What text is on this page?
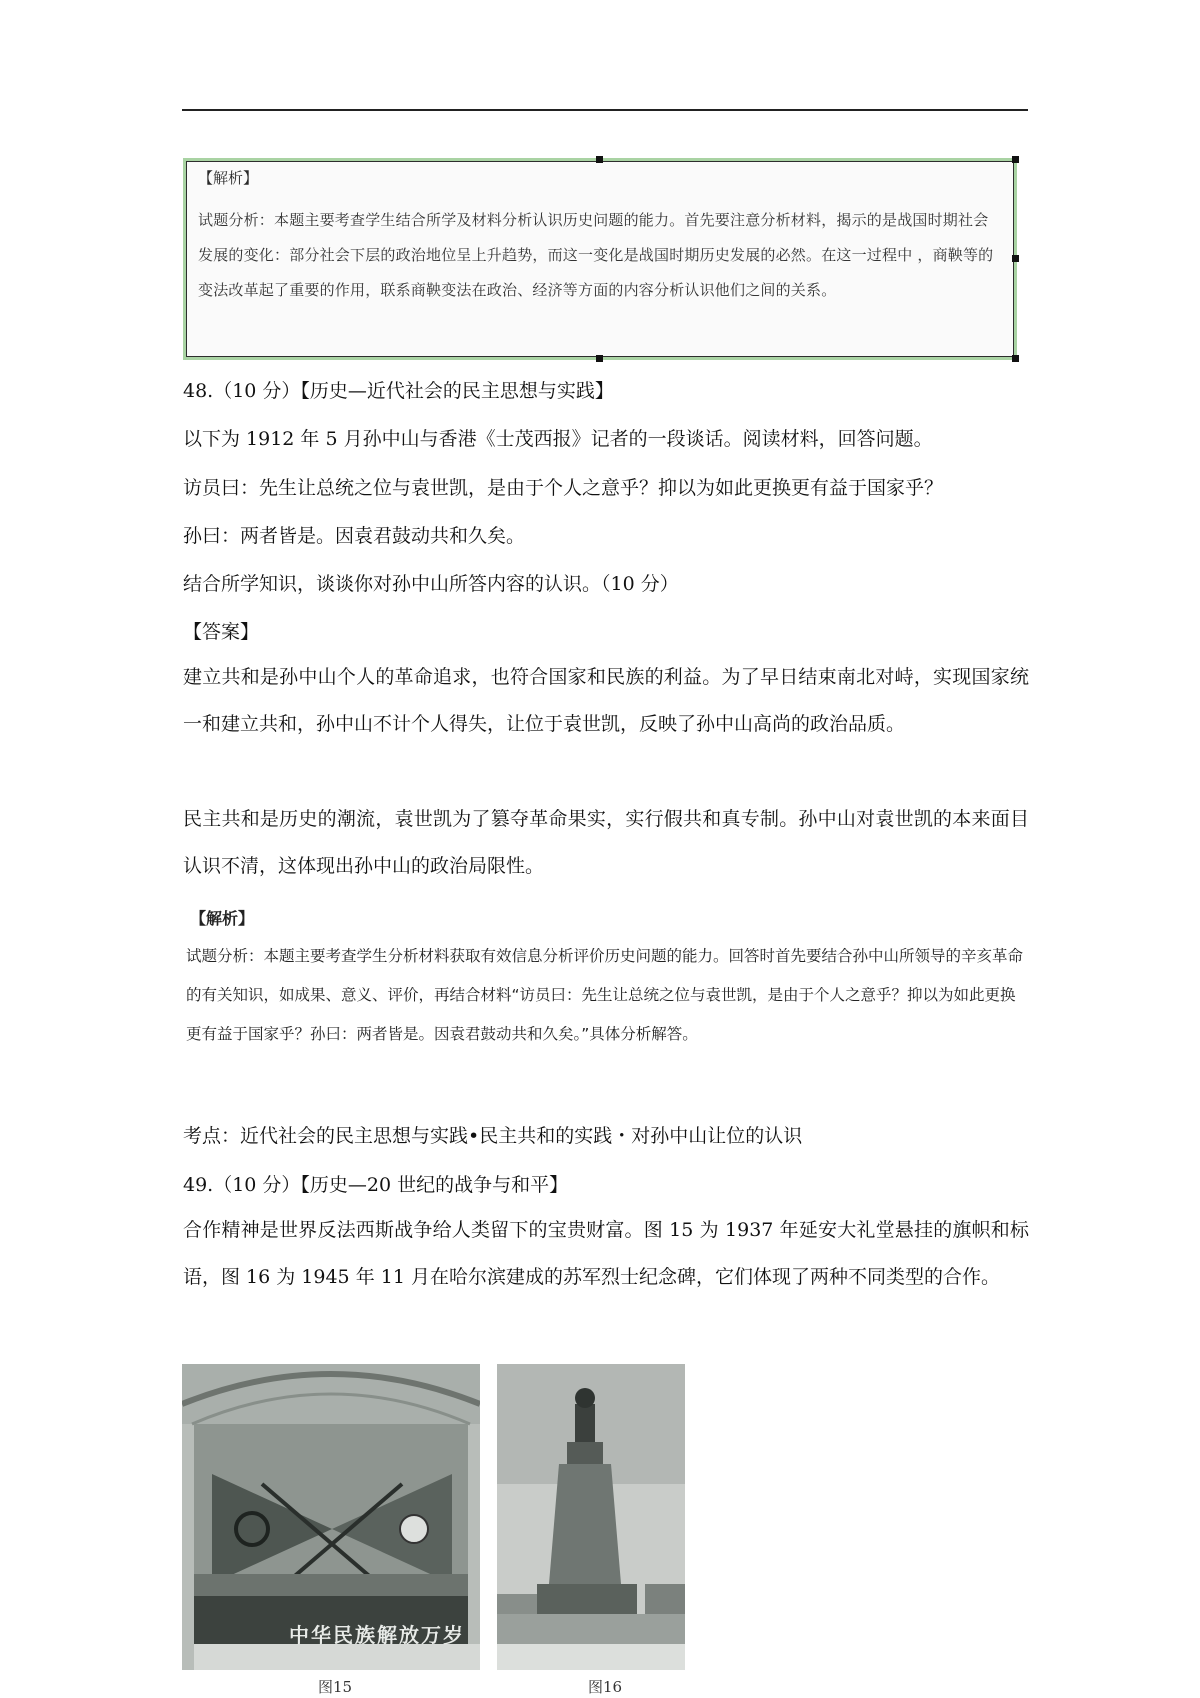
【解析】
试题分析：本题主要考查学生结合所学及材料分析认识历史问题的能力。首先要注意分析材料，揭示的是战国时期社会发展的变化：部分社会下层的政治地位呈上升趋势，而这一变化是战国时期历史发展的必然。在这一过程中 ，商鞅等的变法改革起了重要的作用，联系商鞅变法在政治、经济等方面的内容分析认识他们之间的关系。
48.（10 分）【历史—近代社会的民主思想与实践】
以下为 1912 年 5 月孙中山与香港《士茂西报》记者的一段谈话。阅读材料，回答问题。
访员曰：先生让总统之位与袁世凯，是由于个人之意乎？抑以为如此更换更有益于国家乎？
孙曰：两者皆是。因袁君鼓动共和久矣。
结合所学知识，谈谈你对孙中山所答内容的认识。（10 分）
【答案】
建立共和是孙中山个人的革命追求，也符合国家和民族的利益。为了早日结束南北对峙，实现国家统一和建立共和，孙中山不计个人得失，让位于袁世凯，反映了孙中山高尚的政治品质。
民主共和是历史的潮流，袁世凯为了篡夺革命果实，实行假共和真专制。孙中山对袁世凯的本来面目认识不清，这体现出孙中山的政治局限性。
【解析】
试题分析：本题主要考查学生分析材料获取有效信息分析评价历史问题的能力。回答时首先要结合孙中山所领导的辛亥革命的有关知识，如成果、意义、评价，再结合材料“访员曰：先生让总统之位与袁世凯，是由于个人之意乎？抑以为如此更换更有益于国家乎？孙曰：两者皆是。因袁君鼓动共和久矣。”具体分析解答。
考点：近代社会的民主思想与实践•民主共和的实践・对孙中山让位的认识
49.（10 分）【历史—20 世纪的战争与和平】
合作精神是世界反法西斯战争给人类留下的宝贵财富。图 15 为 1937 年延安大礼堂悬挂的旗帜和标语，图 16 为 1945 年 11 月在哈尔滨建成的苏军烈士纪念碑，它们体现了两种不同类型的合作。
中华民族解放万岁
图15	图16
